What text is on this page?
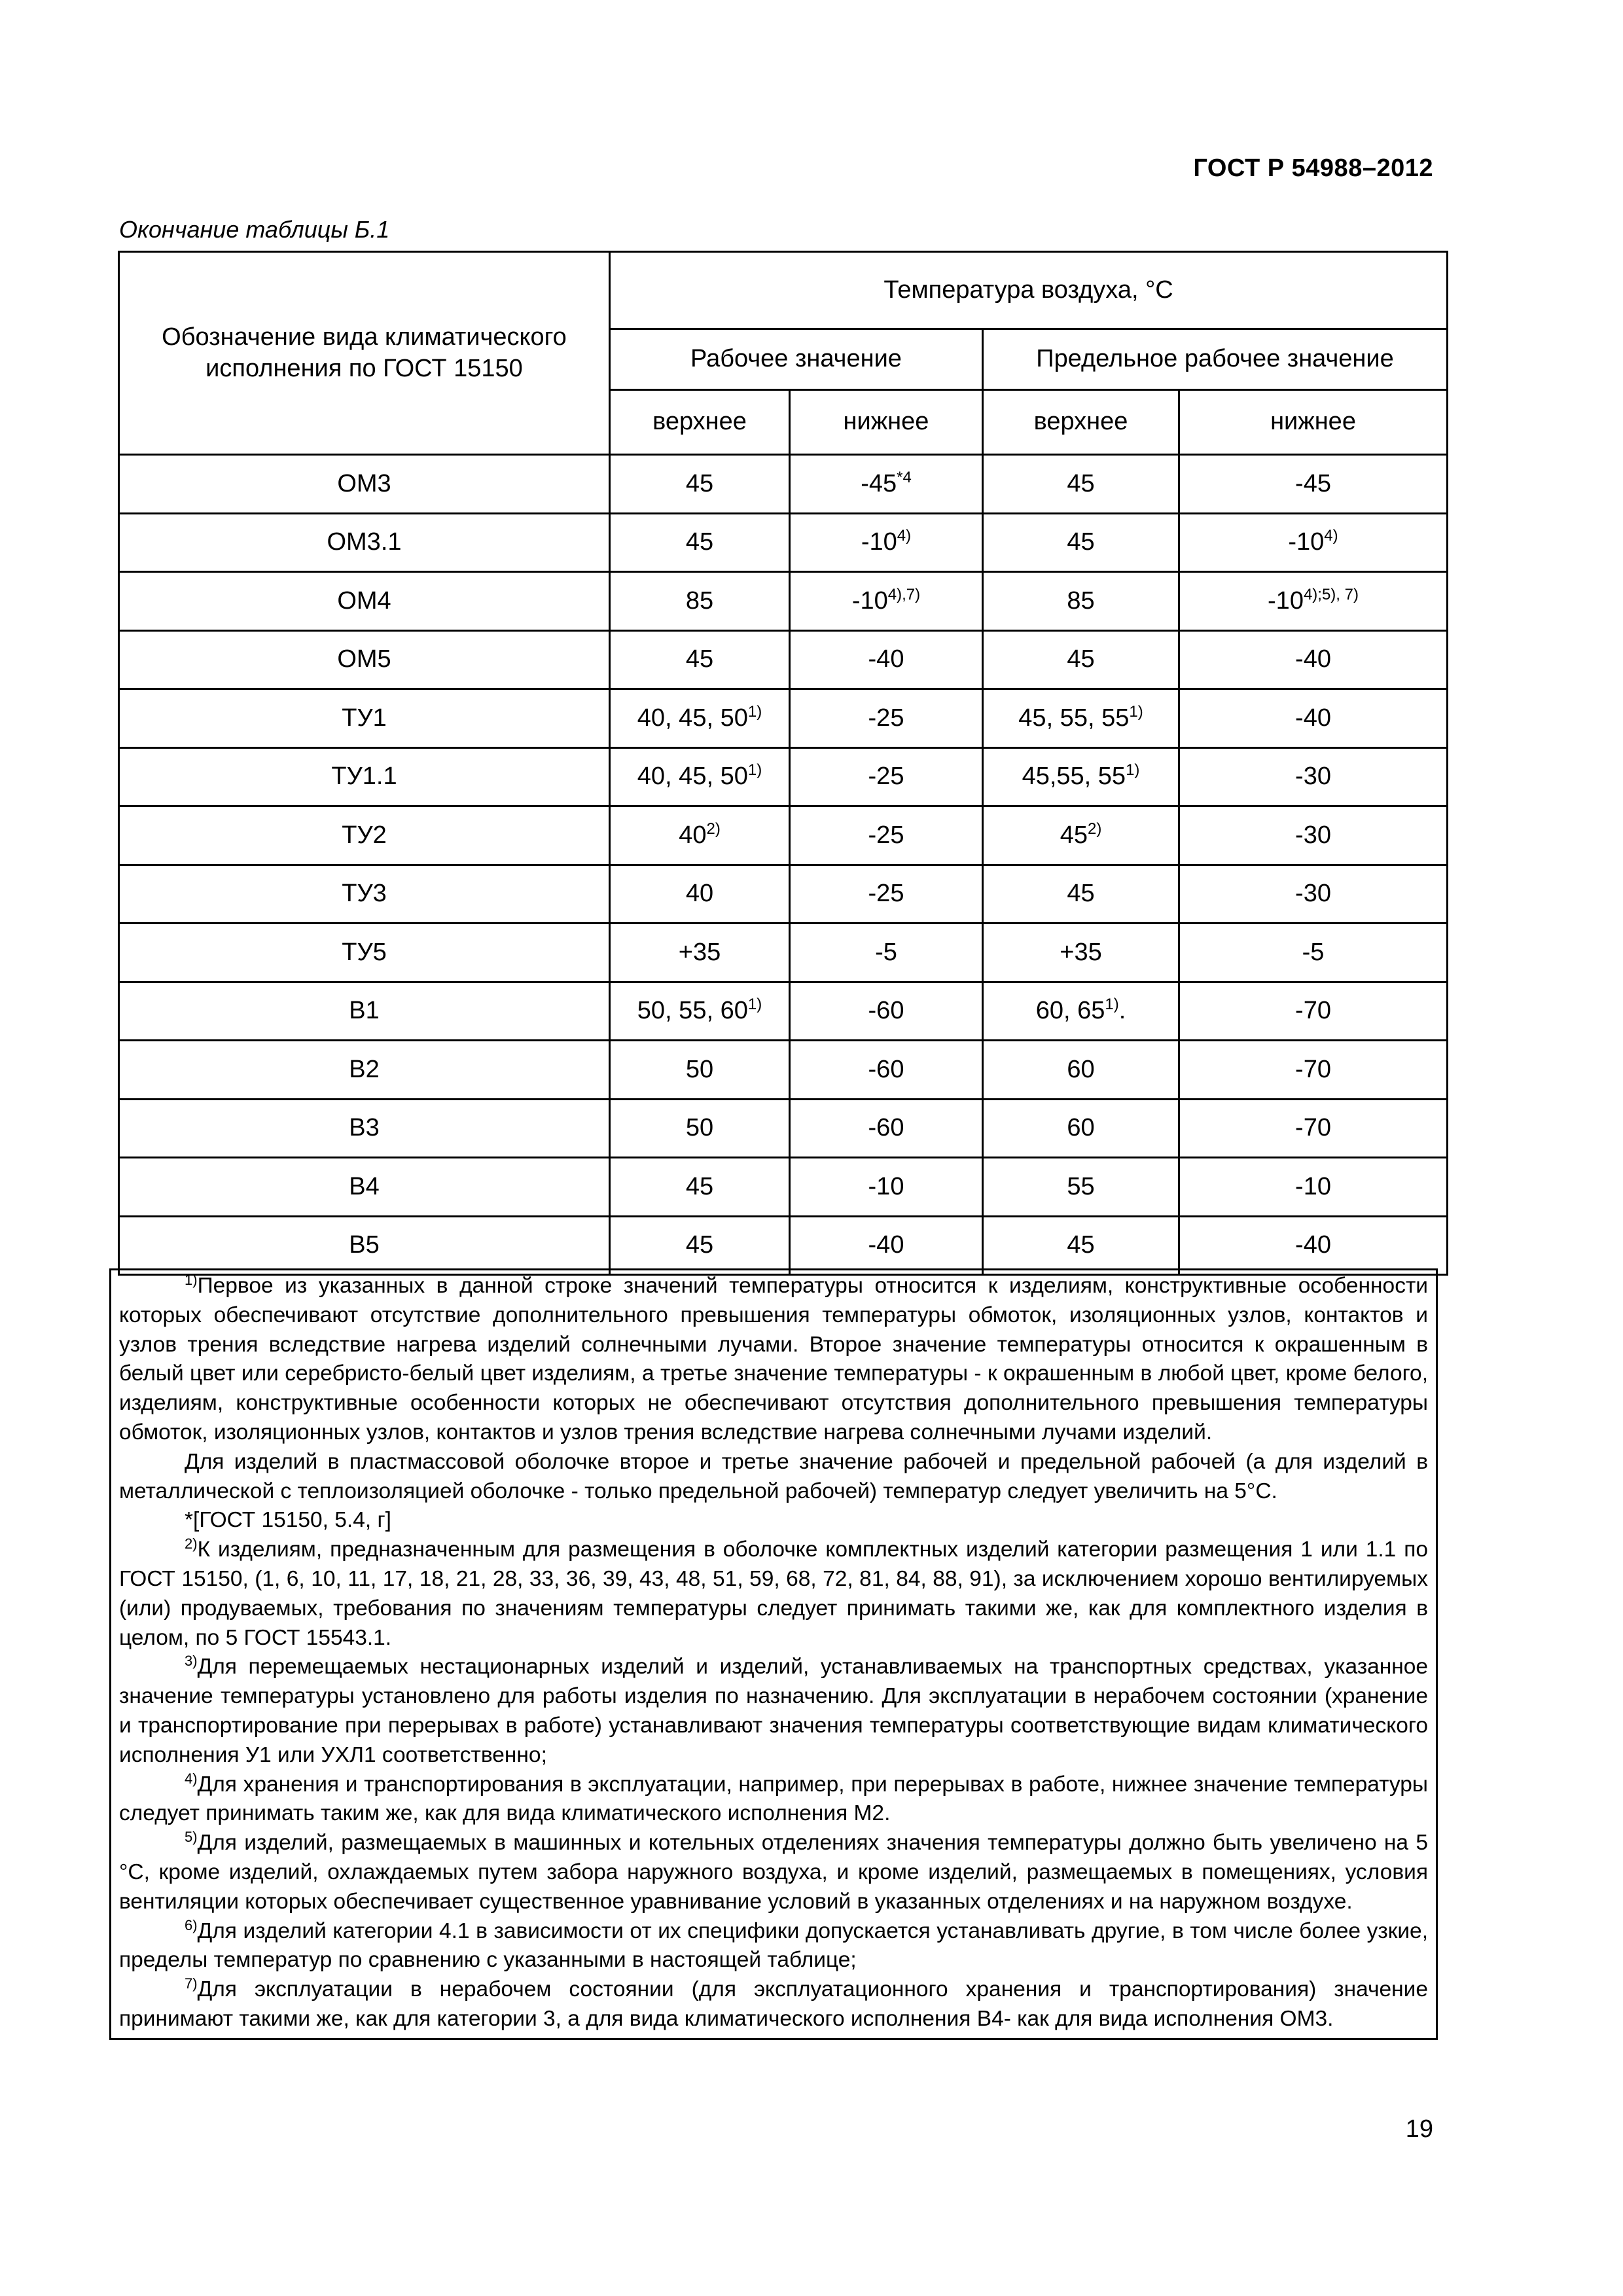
ГОСТ Р 54988–2012
Окончание таблицы Б.1
Обозначение вида климатического исполнения по ГОСТ 15150	Температура воздуха, °С			
	Рабочее значение		Предельное рабочее значение	
	верхнее	нижнее	верхнее	нижнее
ОМ3	45	-45$^{*4}$	45	-45
ОМ3.1	45	-10$^{4)}$	45	-10$^{4)}$
ОМ4	85	$-10^{4),7)}$	85	$-10^{4);5), 7)}$
ОМ5	45	-40	45	-40
ТУ1	40, 45, 50$^{1)}$	-25	45, 55, 55$^{1)}$	-40
ТУ1.1	40, 45, 50$^{1)}$	-25	45,55, 55$^{1)}$	-30
ТУ2	40$^{2)}$	-25	45$^{2)}$	-30
ТУ3	40	-25	45	-30
ТУ5	+35	-5	+35	-5
В1	50, 55, 60$^{1)}$	-60	60, 65$^{1)}$.	-70
В2	50	-60	60	-70
В3	50	-60	60	-70
В4	45	-10	55	-10
В5	45	-40	45	-40

$^{1)}$Первое из указанных в данной строке значений температуры относится к изделиям, конструктивные особенности которых обеспечивают отсутствие дополнительного превышения температуры обмоток, изоляционных узлов, контактов и узлов трения вследствие нагрева изделий солнечными лучами. Второе значение температуры относится к окрашенным в белый цвет или серебристо-белый цвет изделиям, а третье значение температуры - к окрашенным в любой цвет, кроме белого, изделиям, конструктивные особенности которых не обеспечивают отсутствия дополнительного превышения температуры обмоток, изоляционных узлов, контактов и узлов трения вследствие нагрева солнечными лучами изделий.

Для изделий в пластмассовой оболочке второе и третье значение рабочей и предельной рабочей (а для изделий в металлической с теплоизоляцией оболочке - только предельной рабочей) температур следует увеличить на 5°С.

*[ГОСТ 15150, 5.4, г]

$^{2)}$К изделиям, предназначенным для размещения в оболочке комплектных изделий категории размещения 1 или 1.1 по ГОСТ 15150, (1, 6, 10, 11, 17, 18, 21, 28, 33, 36, 39, 43, 48, 51, 59, 68, 72, 81, 84, 88, 91), за исключением хорошо вентилируемых (или) продуваемых, требования по значениям температуры следует принимать такими же, как для комплектного изделия в целом, по 5 ГОСТ 15543.1.

$^{3)}$Для перемещаемых нестационарных изделий и изделий, устанавливаемых на транспортных средствах, указанное значение температуры установлено для работы изделия по назначению. Для эксплуатации в нерабочем состоянии (хранение и транспортирование при перерывах в работе) устанавливают значения температуры соответствующие видам климатического исполнения У1 или УХЛ1 соответственно;

$^{4)}$Для хранения и транспортирования в эксплуатации, например, при перерывах в работе, нижнее значение температуры следует принимать таким же, как для вида климатического исполнения М2.

$^{5)}$Для изделий, размещаемых в машинных и котельных отделениях значения температуры должно быть увеличено на 5 °С, кроме изделий, охлаждаемых путем забора наружного воздуха, и кроме изделий, размещаемых в помещениях, условия вентиляции которых обеспечивает существенное уравнивание условий в указанных отделениях и на наружном воздухе.

$^{6)}$Для изделий категории 4.1 в зависимости от их специфики допускается устанавливать другие, в том числе более узкие, пределы температур по сравнению с указанными в настоящей таблице;

$^{7)}$Для эксплуатации в нерабочем состоянии (для эксплуатационного хранения и транспортирования) значение принимают такими же, как для категории 3, а для вида климатического исполнения В4- как для вида исполнения ОМ3.

19
